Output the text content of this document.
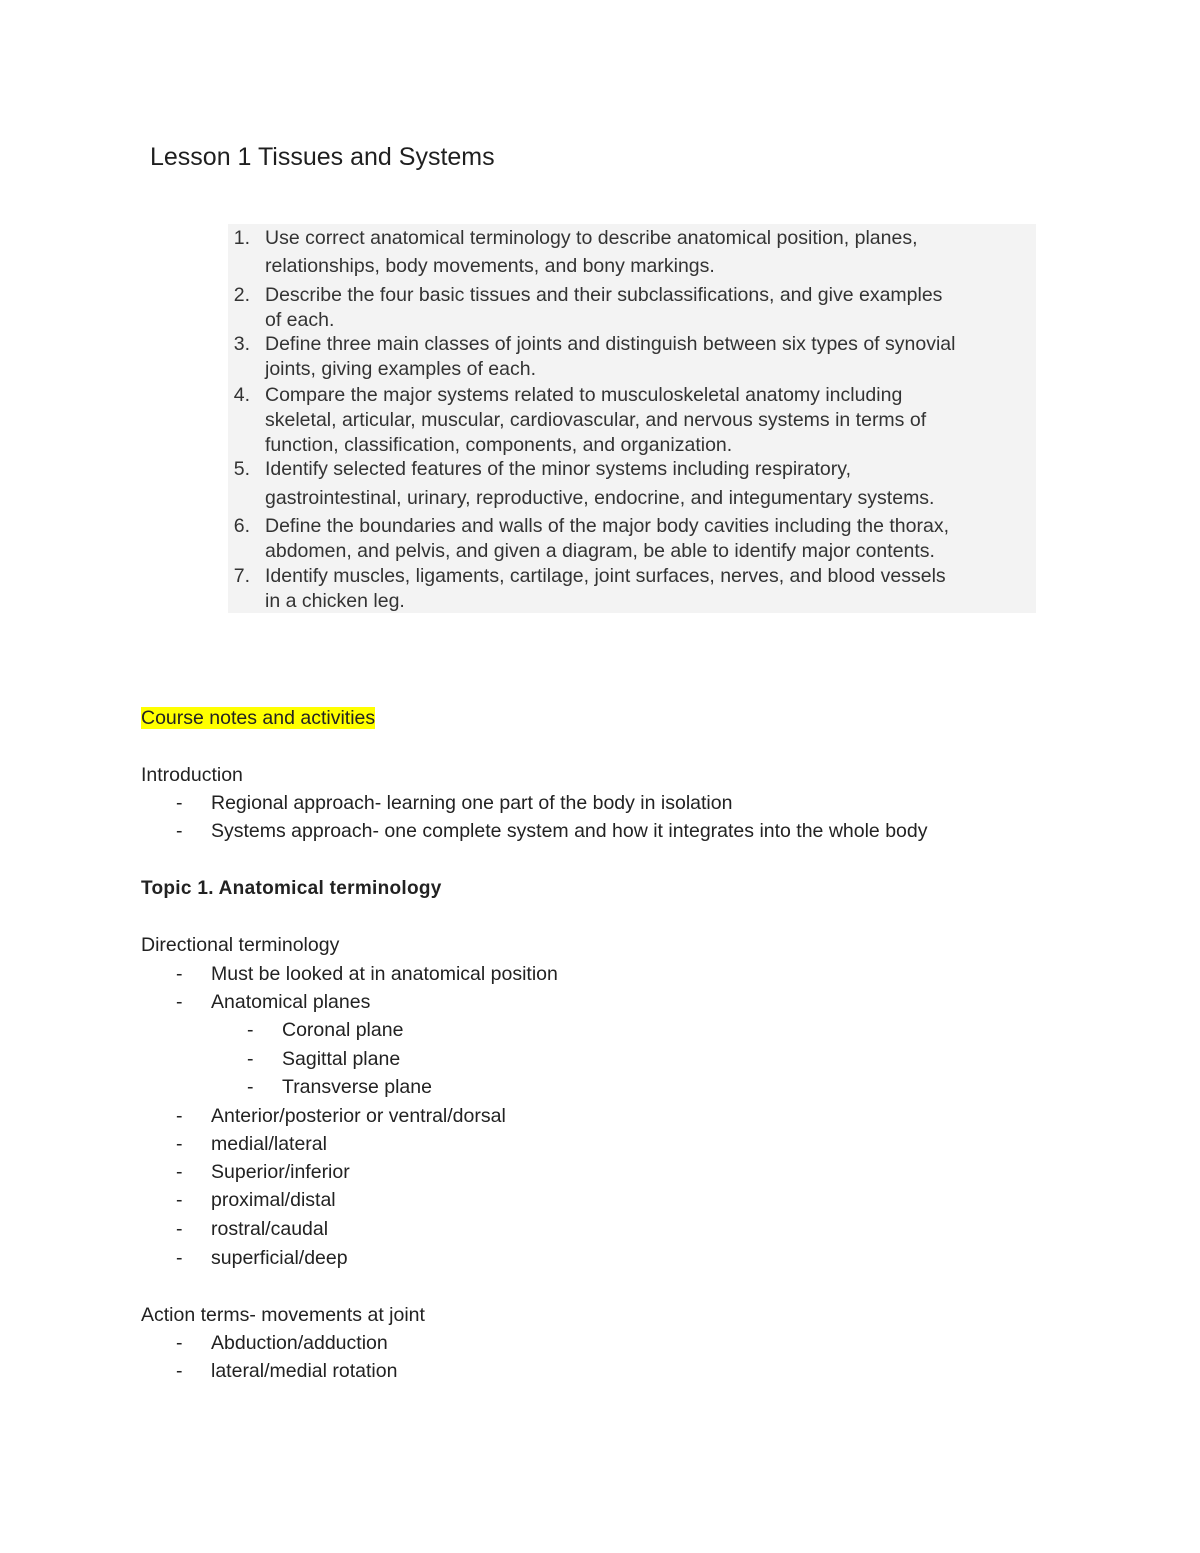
Lesson 1 Tissues and Systems
1. Use correct anatomical terminology to describe anatomical position, planes,
relationships, body movements, and bony markings.
2. Describe the four basic tissues and their subclassifications, and give examples
of each.
3. Define three main classes of joints and distinguish between six types of synovial
joints, giving examples of each.
4. Compare the major systems related to musculoskeletal anatomy including
skeletal, articular, muscular, cardiovascular, and nervous systems in terms of
function, classification, components, and organization.
5. Identify selected features of the minor systems including respiratory,
gastrointestinal, urinary, reproductive, endocrine, and integumentary systems.
6. Define the boundaries and walls of the major body cavities including the thorax,
abdomen, and pelvis, and given a diagram, be able to identify major contents.
7. Identify muscles, ligaments, cartilage, joint surfaces, nerves, and blood vessels
in a chicken leg.
Course notes and activities
Introduction
- Regional approach- learning one part of the body in isolation
- Systems approach- one complete system and how it integrates into the whole body
Topic 1. Anatomical terminology
Directional terminology
- Must be looked at in anatomical position
- Anatomical planes
- Coronal plane
- Sagittal plane
- Transverse plane
- Anterior/posterior or ventral/dorsal
- medial/lateral
- Superior/inferior
- proximal/distal
- rostral/caudal
- superficial/deep
Action terms- movements at joint
- Abduction/adduction
- lateral/medial rotation
